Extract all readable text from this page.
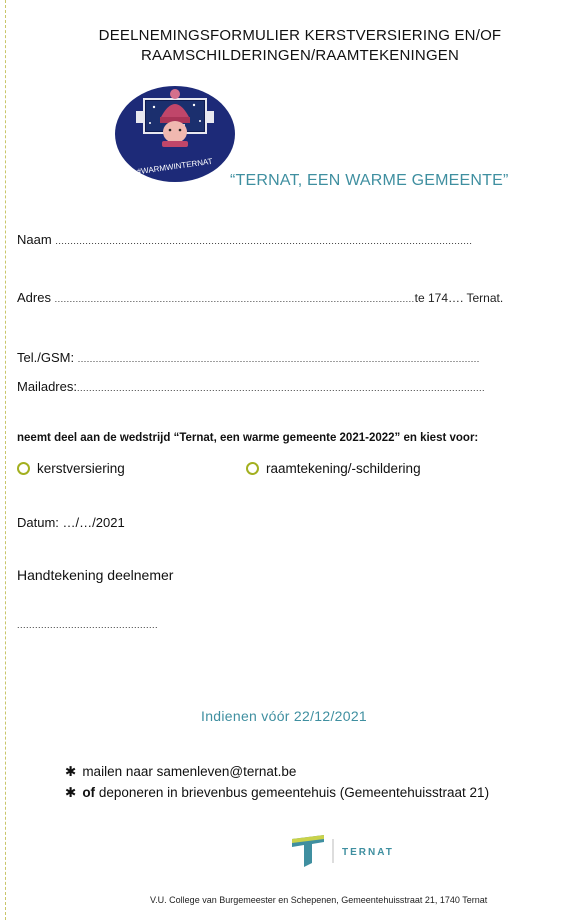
DEELNEMINGSFORMULIER KERSTVERSIERING EN/OF
RAAMSCHILDERINGEN/RAAMTEKENINGEN
#WARMWINTERNAT
“TERNAT, EEN WARME GEMEENTE”
Naam ...........................................................................................................................................
Adres ........................................................................................................................te 174…. Ternat.
Tel./GSM: ......................................................................................................................................
Mailadres:........................................................................................................................................
neemt deel aan de wedstrijd “Ternat, een warme gemeente 2021-2022” en kiest voor:
kerstversiering	raamtekening/-schildering
Datum: …/…/2021
Handtekening deelnemer
...............................................
Indienen vóór 22/12/2021
✱ mailen naar samenleven@ternat.be
✱ of deponeren in brievenbus gemeentehuis (Gemeentehuisstraat 21)
TERNAT
V.U. College van Burgemeester en Schepenen, Gemeentehuisstraat 21, 1740 Ternat
